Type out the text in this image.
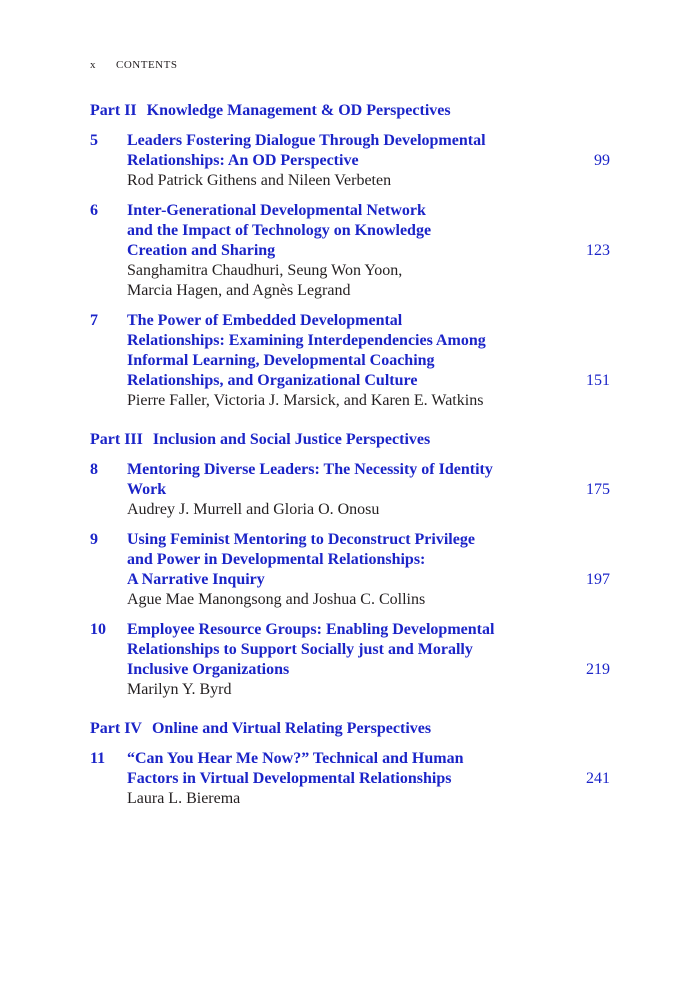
x CONTENTS
Part II Knowledge Management & OD Perspectives
5 Leaders Fostering Dialogue Through Developmental
Relationships: An OD Perspective	99
Rod Patrick Githens and Nileen Verbeten
6 Inter-Generational Developmental Network
and the Impact of Technology on Knowledge
Creation and Sharing	123
Sanghamitra Chaudhuri, Seung Won Yoon,
Marcia Hagen, and Agnès Legrand
7 The Power of Embedded Developmental
Relationships: Examining Interdependencies Among
Informal Learning, Developmental Coaching
Relationships, and Organizational Culture	151
Pierre Faller, Victoria J. Marsick, and Karen E. Watkins
Part III Inclusion and Social Justice Perspectives
8 Mentoring Diverse Leaders: The Necessity of Identity
Work	175
Audrey J. Murrell and Gloria O. Onosu
9 Using Feminist Mentoring to Deconstruct Privilege
and Power in Developmental Relationships:
A Narrative Inquiry	197
Ague Mae Manongsong and Joshua C. Collins
10 Employee Resource Groups: Enabling Developmental
Relationships to Support Socially just and Morally
Inclusive Organizations	219
Marilyn Y. Byrd
Part IV Online and Virtual Relating Perspectives
11 “Can You Hear Me Now?” Technical and Human
Factors in Virtual Developmental Relationships	241
Laura L. Bierema
